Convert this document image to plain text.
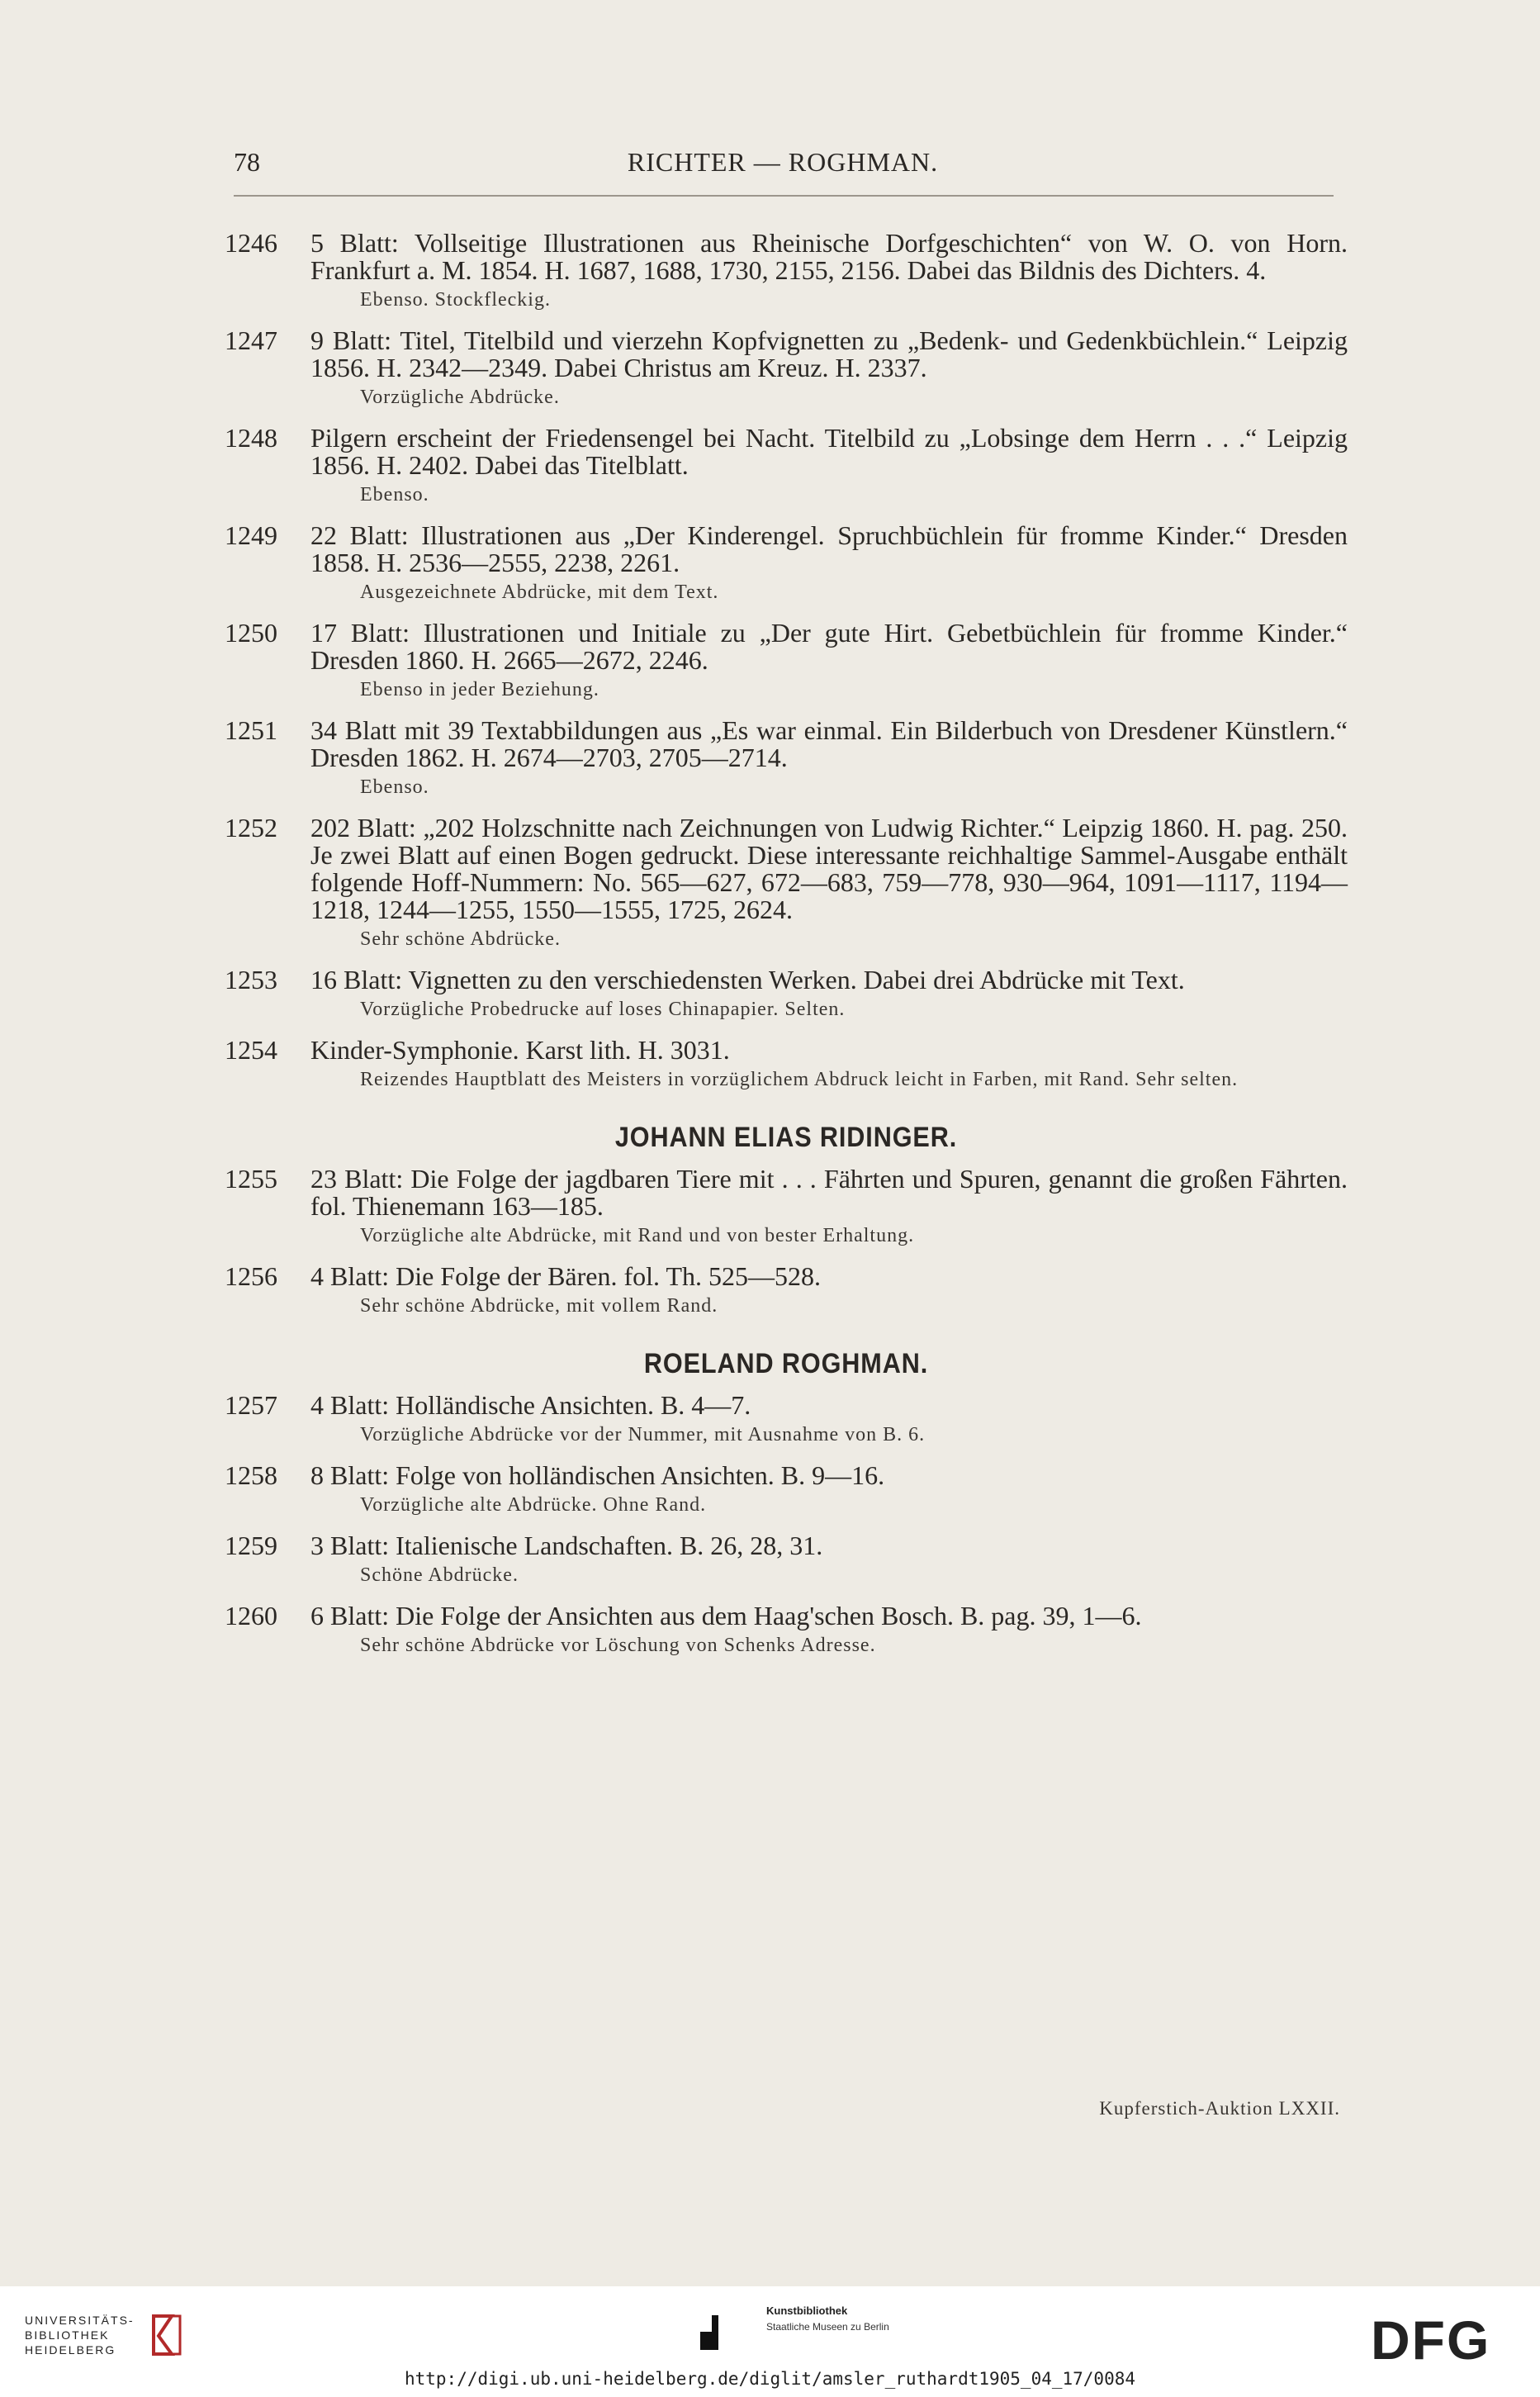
78	RICHTER — ROGHMAN.
1246	5 Blatt: Vollseitige Illustrationen aus Rheinische Dorfgeschichten“ von W. O. von Horn. Frankfurt a. M. 1854. H. 1687, 1688, 1730, 2155, 2156. Dabei das Bildnis des Dichters. 4.
Ebenso. Stockfleckig.
1247	9 Blatt: Titel, Titelbild und vierzehn Kopfvignetten zu „Bedenk- und Gedenkbüchlein.“ Leipzig 1856. H. 2342—2349. Dabei Christus am Kreuz. H. 2337.
Vorzügliche Abdrücke.
1248	Pilgern erscheint der Friedensengel bei Nacht. Titelbild zu „Lobsinge dem Herrn . . .“ Leipzig 1856. H. 2402. Dabei das Titelblatt.
Ebenso.
1249	22 Blatt: Illustrationen aus „Der Kinderengel. Spruchbüchlein für fromme Kinder.“ Dresden 1858. H. 2536—2555, 2238, 2261.
Ausgezeichnete Abdrücke, mit dem Text.
1250	17 Blatt: Illustrationen und Initiale zu „Der gute Hirt. Gebetbüchlein für fromme Kinder.“ Dresden 1860. H. 2665—2672, 2246.
Ebenso in jeder Beziehung.
1251	34 Blatt mit 39 Textabbildungen aus „Es war einmal. Ein Bilderbuch von Dresdener Künstlern.“ Dresden 1862. H. 2674—2703, 2705—2714.
Ebenso.
1252	202 Blatt: „202 Holzschnitte nach Zeichnungen von Ludwig Richter.“ Leipzig 1860. H. pag. 250. Je zwei Blatt auf einen Bogen gedruckt. Diese interessante reichhaltige Sammel-Ausgabe enthält folgende Hoff-Nummern: No. 565—627, 672—683, 759—778, 930—964, 1091—1117, 1194—1218, 1244—1255, 1550—1555, 1725, 2624.
Sehr schöne Abdrücke.
1253	16 Blatt: Vignetten zu den verschiedensten Werken. Dabei drei Abdrücke mit Text.
Vorzügliche Probedrucke auf loses Chinapapier. Selten.
1254	Kinder-Symphonie. Karst lith. H. 3031.
Reizendes Hauptblatt des Meisters in vorzüglichem Abdruck leicht in Farben, mit Rand. Sehr selten.
JOHANN ELIAS RIDINGER.
1255	23 Blatt: Die Folge der jagdbaren Tiere mit . . . Fährten und Spuren, genannt die großen Fährten. fol. Thienemann 163—185.
Vorzügliche alte Abdrücke, mit Rand und von bester Erhaltung.
1256	4 Blatt: Die Folge der Bären. fol. Th. 525—528.
Sehr schöne Abdrücke, mit vollem Rand.
ROELAND ROGHMAN.
1257	4 Blatt: Holländische Ansichten. B. 4—7.
Vorzügliche Abdrücke vor der Nummer, mit Ausnahme von B. 6.
1258	8 Blatt: Folge von holländischen Ansichten. B. 9—16.
Vorzügliche alte Abdrücke. Ohne Rand.
1259	3 Blatt: Italienische Landschaften. B. 26, 28, 31.
Schöne Abdrücke.
1260	6 Blatt: Die Folge der Ansichten aus dem Haag'schen Bosch. B. pag. 39, 1—6.
Sehr schöne Abdrücke vor Löschung von Schenks Adresse.
Kupferstich-Auktion LXXII.
UNIVERSITÄTS-
BIBLIOTHEK
HEIDELBERG
Kunstbibliothek
Staatliche Museen zu Berlin	DFG
http://digi.ub.uni-heidelberg.de/diglit/amsler_ruthardt1905_04_17/0084
